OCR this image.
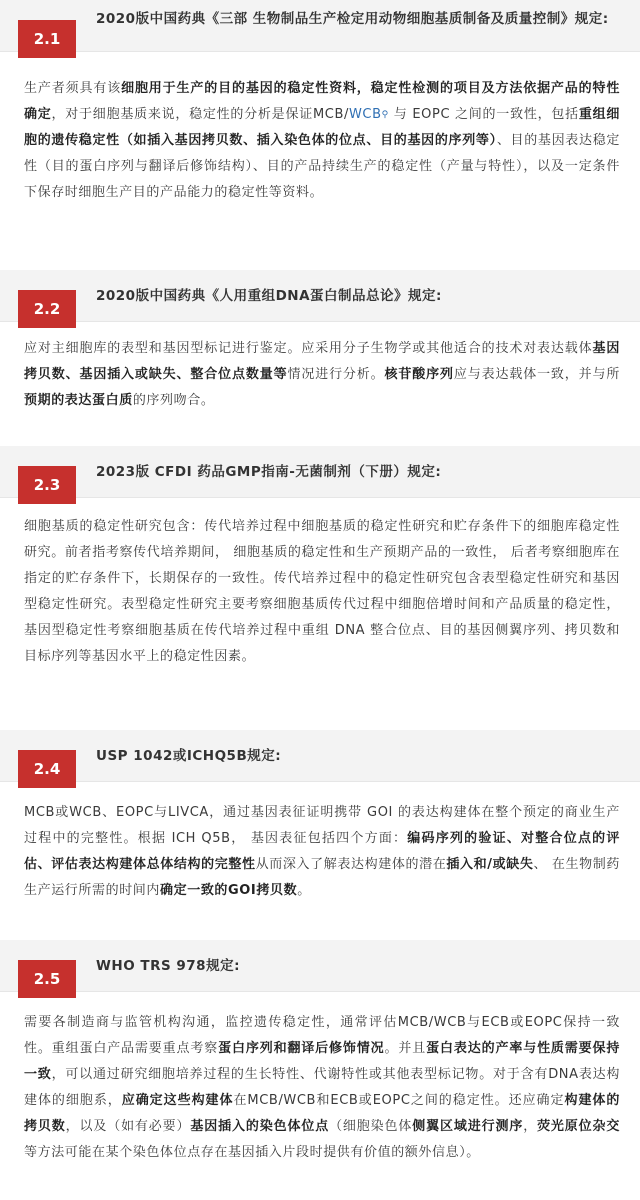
2.1
2020版中国药典《三部 生物制品生产检定用动物细胞基质制备及质量控制》规定:
生产者须具有该细胞用于生产的目的基因的稳定性资料，稳定性检测的项目及方法依据产品的特性确定，对于细胞基质来说，稳定性的分析是保证MCB/WCB⚲ 与 EOPC 之间的一致性，包括重组细胞的遗传稳定性（如插入基因拷贝数、插入染色体的位点、目的基因的序列等）、目的基因表达稳定性（目的蛋白序列与翻译后修饰结构）、目的产品持续生产的稳定性（产量与特性），以及一定条件下保存时细胞生产目的产品能力的稳定性等资料。
2.2
2020版中国药典《人用重组DNA蛋白制品总论》规定:
应对主细胞库的表型和基因型标记进行鉴定。应采用分子生物学或其他适合的技术对表达载体基因拷贝数、基因插入或缺失、整合位点数量等情况进行分析。核苷酸序列应与表达载体一致，并与所预期的表达蛋白质的序列吻合。
2.3
2023版 CFDI 药品GMP指南-无菌制剂（下册）规定:
细胞基质的稳定性研究包含：传代培养过程中细胞基质的稳定性研究和贮存条件下的细胞库稳定性研究。前者指考察传代培养期间， 细胞基质的稳定性和生产预期产品的一致性， 后者考察细胞库在指定的贮存条件下，长期保存的一致性。传代培养过程中的稳定性研究包含表型稳定性研究和基因型稳定性研究。表型稳定性研究主要考察细胞基质传代过程中细胞倍增时间和产品质量的稳定性， 基因型稳定性考察细胞基质在传代培养过程中重组 DNA 整合位点、目的基因侧翼序列、拷贝数和目标序列等基因水平上的稳定性因素。
2.4
USP 1042或ICHQ5B规定:
MCB或WCB、EOPC与LIVCA，通过基因表征证明携带 GOI 的表达构建体在整个预定的商业生产过程中的完整性。根据 ICH Q5B， 基因表征包括四个方面：编码序列的验证、对整合位点的评估、评估表达构建体总体结构的完整性从而深入了解表达构建体的潜在插入和/或缺失、 在生物制药生产运行所需的时间内确定一致的GOI拷贝数。
2.5
WHO TRS 978规定:
需要各制造商与监管机构沟通，监控遗传稳定性，通常评估MCB/WCB与ECB或EOPC保持一致性。重组蛋白产品需要重点考察蛋白序列和翻译后修饰情况。并且蛋白表达的产率与性质需要保持一致，可以通过研究细胞培养过程的生长特性、代谢特性或其他表型标记物。对于含有DNA表达构建体的细胞系，应确定这些构建体在MCB/WCB和ECB或EOPC之间的稳定性。还应确定构建体的拷贝数，以及（如有必要）基因插入的染色体位点（细胞染色体侧翼区域进行测序，荧光原位杂交等方法可能在某个染色体位点存在基因插入片段时提供有价值的额外信息）。
